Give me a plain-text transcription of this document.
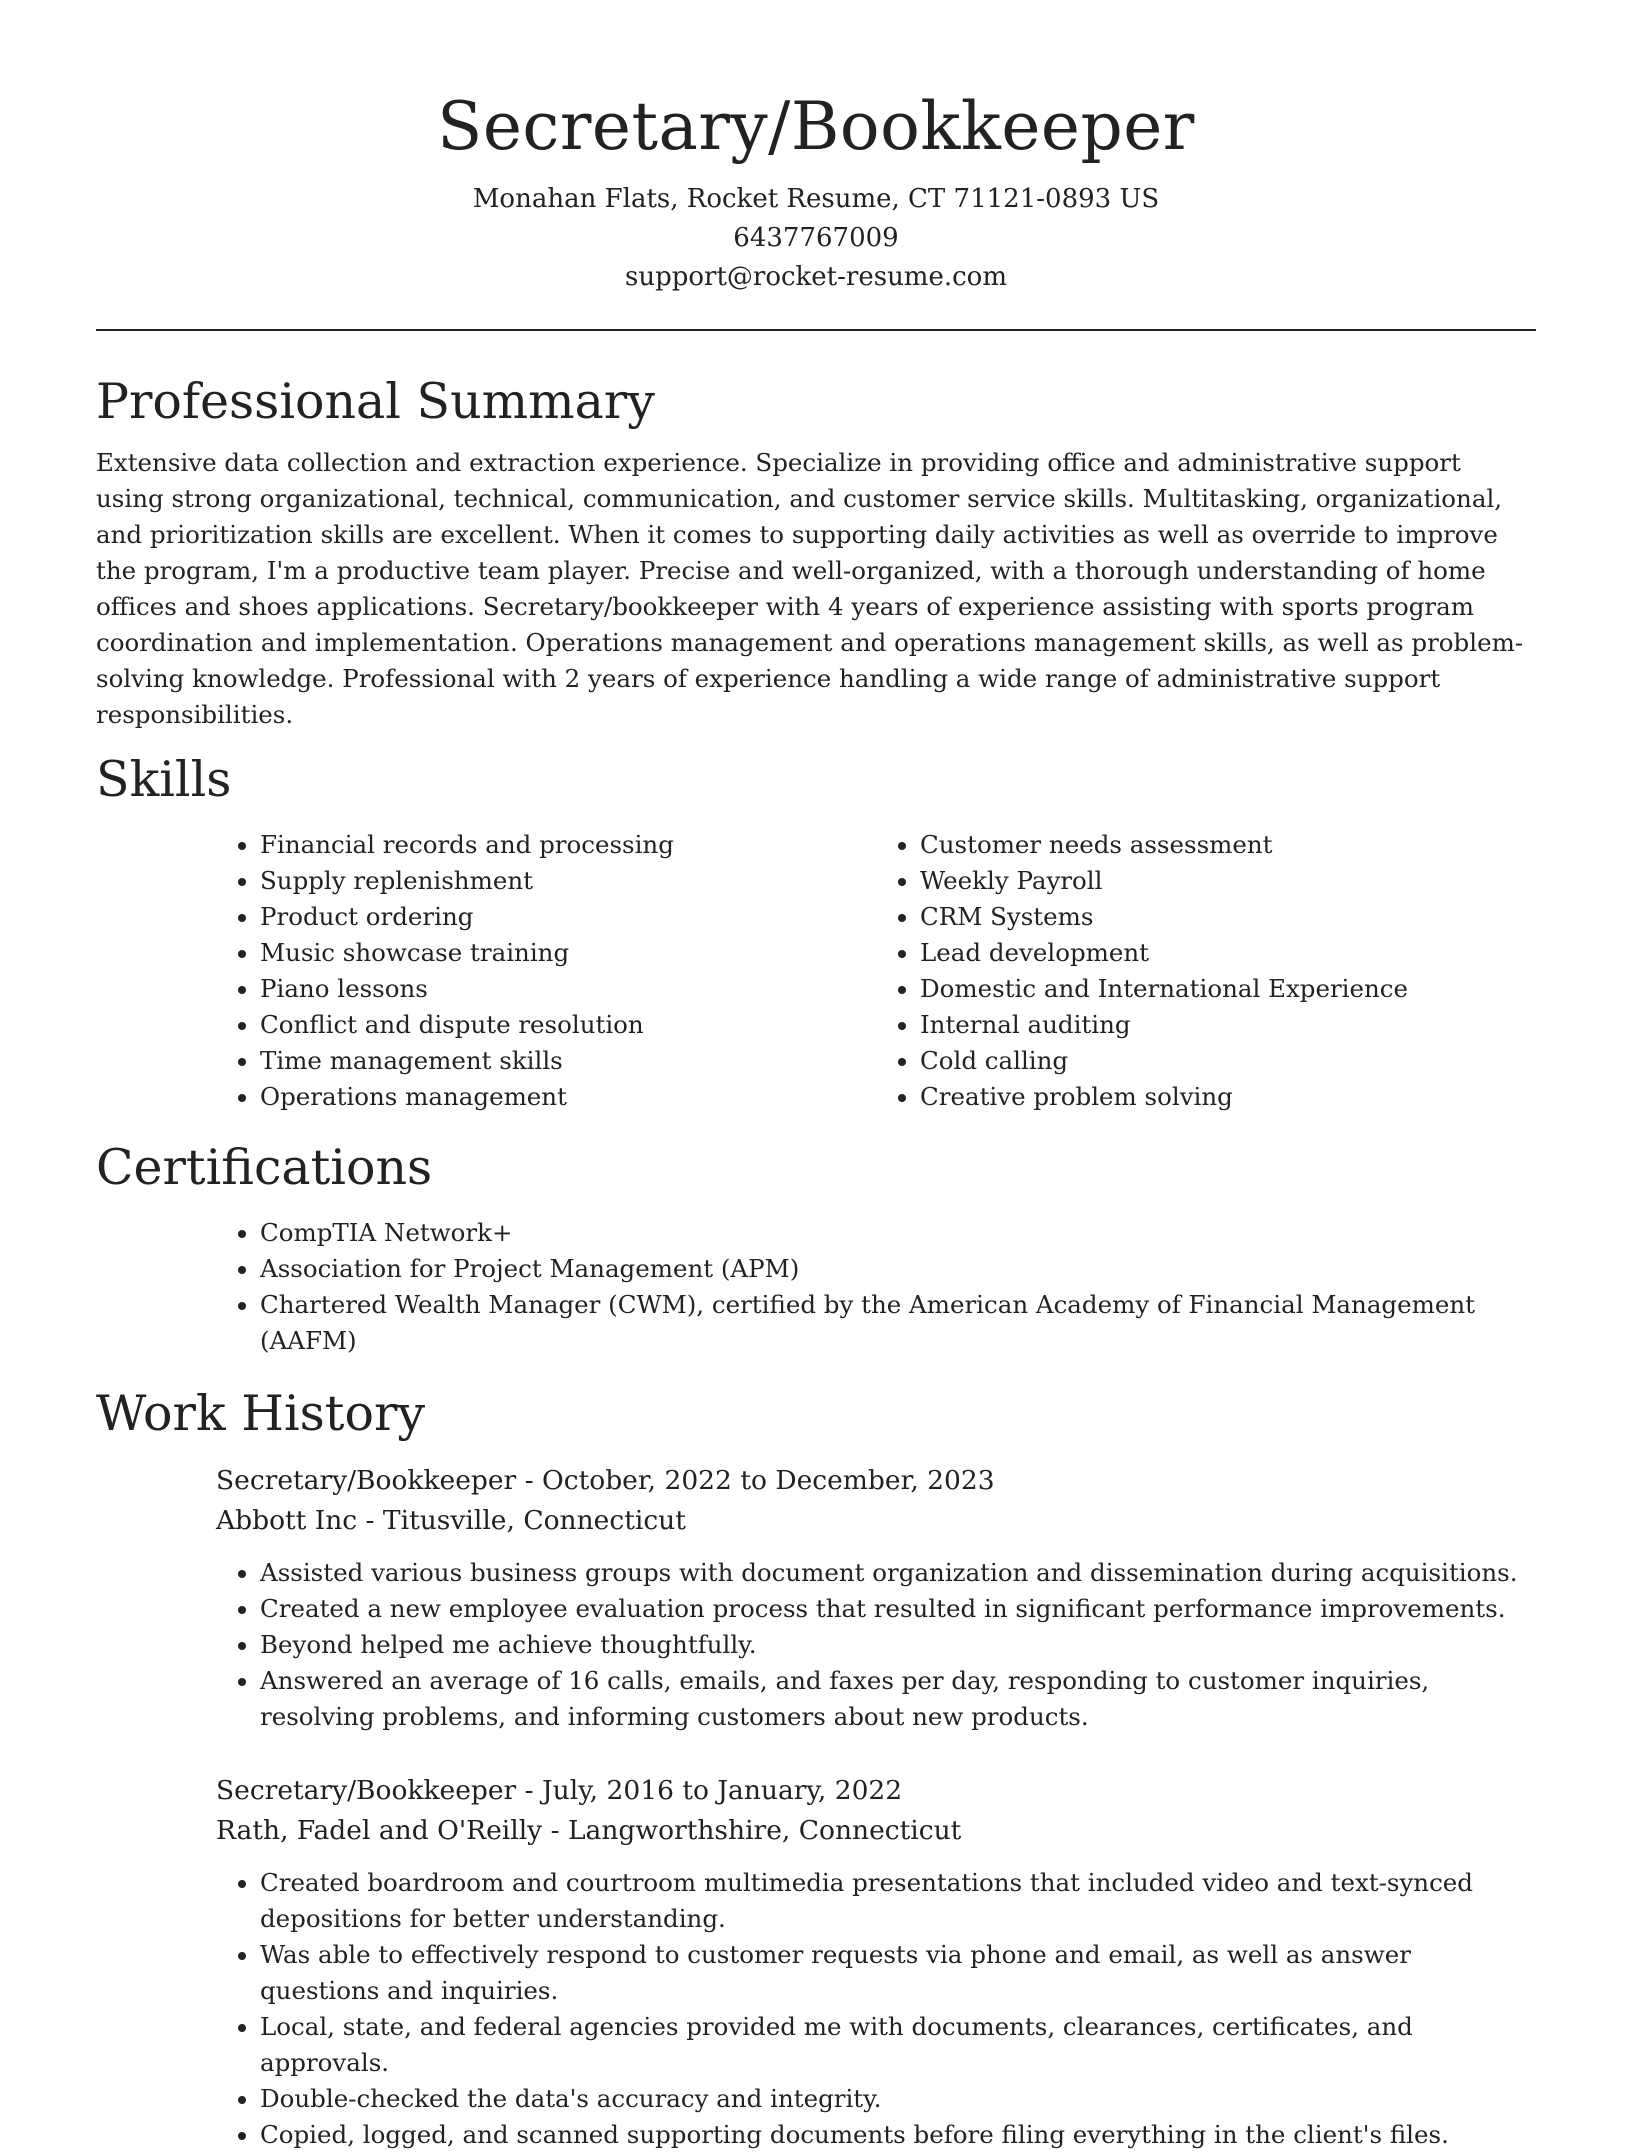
Secretary/Bookkeeper
Monahan Flats, Rocket Resume, CT 71121-0893 US
6437767009
support@rocket-resume.com
Professional Summary

Extensive data collection and extraction experience. Specialize in providing office and administrative support using strong organizational, technical, communication, and customer service skills. Multitasking, organizational, and prioritization skills are excellent. When it comes to supporting daily activities as well as override to improve the program, I'm a productive team player. Precise and well-organized, with a thorough understanding of home offices and shoes applications. Secretary/bookkeeper with 4 years of experience assisting with sports program coordination and implementation. Operations management and operations management skills, as well as problem-solving knowledge. Professional with 2 years of experience handling a wide range of administrative support responsibilities.

Skills
• Financial records and processing
• Supply replenishment
• Product ordering
• Music showcase training
• Piano lessons
• Conflict and dispute resolution
• Time management skills
• Operations management
• Customer needs assessment
• Weekly Payroll
• CRM Systems
• Lead development
• Domestic and International Experience
• Internal auditing
• Cold calling
• Creative problem solving
Certifications
• CompTIA Network+
• Association for Project Management (APM)
• Chartered Wealth Manager (CWM), certified by the American Academy of Financial Management (AAFM)
Work History
Secretary/Bookkeeper - October, 2022 to December, 2023
Abbott Inc - Titusville, Connecticut
• Assisted various business groups with document organization and dissemination during acquisitions.
• Created a new employee evaluation process that resulted in significant performance improvements.
• Beyond helped me achieve thoughtfully.
• Answered an average of 16 calls, emails, and faxes per day, responding to customer inquiries, resolving problems, and informing customers about new products.
Secretary/Bookkeeper - July, 2016 to January, 2022
Rath, Fadel and O'Reilly - Langworthshire, Connecticut
• Created boardroom and courtroom multimedia presentations that included video and text-synced depositions for better understanding.
• Was able to effectively respond to customer requests via phone and email, as well as answer questions and inquiries.
• Local, state, and federal agencies provided me with documents, clearances, certificates, and approvals.
• Double-checked the data's accuracy and integrity.
• Copied, logged, and scanned supporting documents before filing everything in the client's files.
